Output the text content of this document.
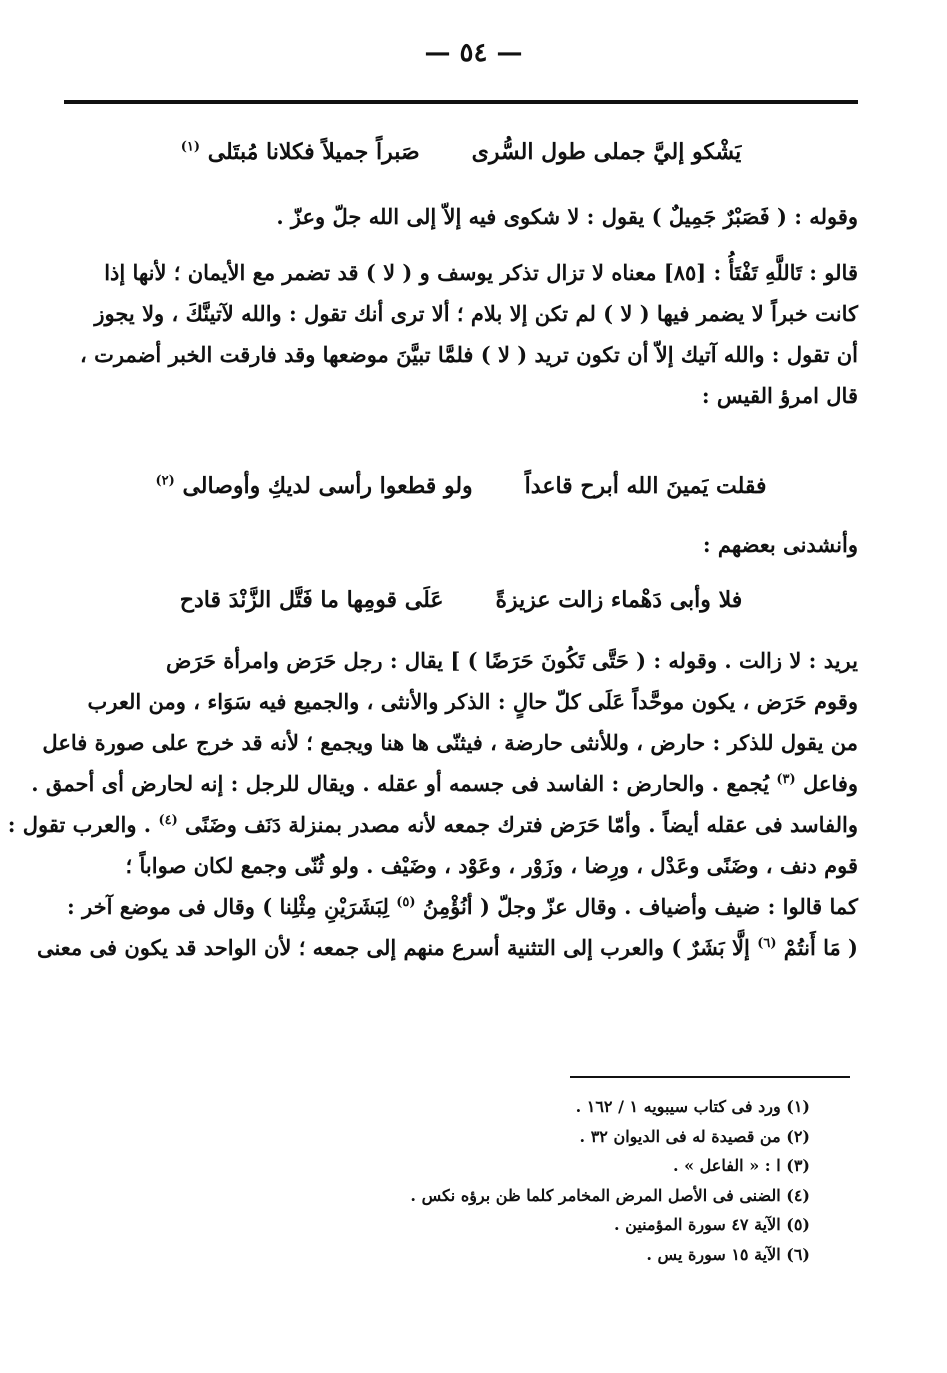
— ٥٤ —
يَشْكو إليَّ جملى طول السُّرى
صَبراً جميلاً فكلانا مُبتَلى $^{(١)}$
وقوله : ( فَصَبْرٌ جَمِيلٌ ) يقول : لا شكوى فيه إلاّ إلى الله جلّ وعزّ .
قالو : تَاللَّهِ تَفْتَأُ : [٨٥] معناه لا تزال تذكر يوسف و ( لا ) قد تضمر مع الأيمان ؛ لأنها إذا
كانت خبراً لا يضمر فيها ( لا ) لم تكن إلا بلام ؛ ألا ترى أنك تقول : والله لآتينَّكَ ، ولا يجوز
أن تقول : والله آتيك إلاّ أن تكون تريد ( لا ) فلمَّا تبيَّنَ موضعها وقد فارقت الخبر أضمرت ،
قال امرؤ القيس :
فقلت يَمينَ الله أبرح قاعداً
ولو قطعوا رأسى لديكِ وأوصالى $^{(٢)}$
وأنشدنى بعضهم :
فلا وأبى دَهْماء زالت عزيزةً
عَلَى قومِها ما فَتَّل الزَّنْدَ قادح
يريد : لا زالت . وقوله : ( حَتَّى تَكُونَ حَرَضًا ) ] يقال : رجل حَرَض وامرأة حَرَض
وقوم حَرَض ، يكون موحَّداً عَلَى كلّ حالٍ : الذكر والأنثى ، والجميع فيه سَوَاء ، ومن العرب
من يقول للذكر : حارض ، وللأنثى حارضة ، فيثنّى ها هنا ويجمع ؛ لأنه قد خرج على صورة فاعل
وفاعل $^{(٣)}$ يُجمع . والحارض : الفاسد فى جسمه أو عقله . ويقال للرجل : إنه لحارض أى أحمق .
والفاسد فى عقله أيضاً . وأمّا حَرَض فترك جمعه لأنه مصدر بمنزلة دَنَف وضَنًى $^{(٤)}$ . والعرب تقول :
قوم دنف ، وضَنًى وعَدْل ، ورِضا ، وزَوْر ، وعَوْد ، وضَيْف . ولو ثُنّى وجمع لكان صواباً ؛
كما قالوا : ضيف وأضياف . وقال عزّ وجلّ ( أنُؤْمِنُ $^{(٥)}$ لِبَشَرَيْنِ مِثْلِنا ) وقال فى موضع آخر :
( مَا أَنتُمْ $^{(٦)}$ إلَّا بَشَرٌ ) والعرب إلى التثنية أسرع منهم إلى جمعه ؛ لأن الواحد قد يكون فى معنى
(١) ورد فى كتاب سيبويه ١ / ١٦٢ .
(٢) من قصيدة له فى الديوان ٣٢ .
(٣) ا : « الفاعل » .
(٤) الضنى فى الأصل المرض المخامر كلما ظن برؤه نكس .
(٥) الآية ٤٧ سورة المؤمنين .
(٦) الآية ١٥ سورة يس .
